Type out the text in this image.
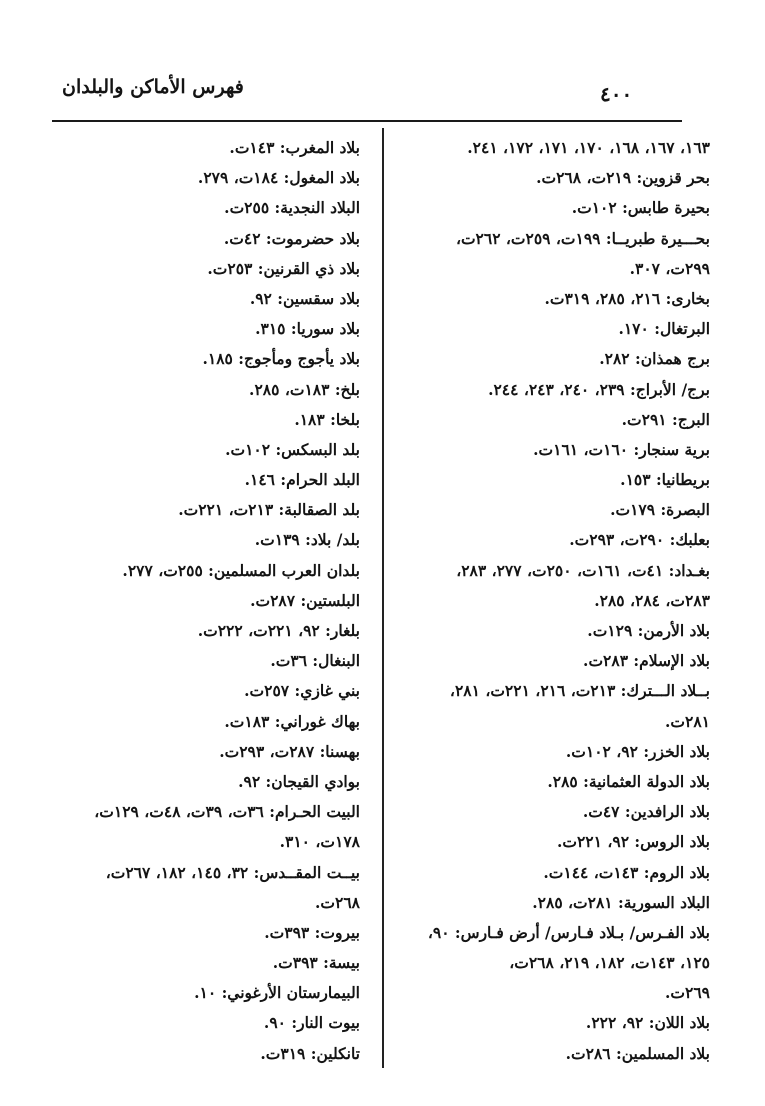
فهرس الأماكن والبلدان	٤٠٠
١٦٣، ١٦٧، ١٦٨، ١٧٠، ١٧١، ١٧٢، ٢٤١.
بحر قزوين: ٢١٩ت، ٢٦٨ت.
بحيرة طابس: ١٠٢ت.
بحـــيرة طبريــا: ١٩٩ت، ٢٥٩ت، ٢٦٢ت،
٢٩٩ت، ٣٠٧.
بخارى: ٢١٦، ٢٨٥، ٣١٩ت.
البرتغال: ١٧٠.
برج همذان: ٢٨٢.
برج/ الأبراج: ٢٣٩، ٢٤٠، ٢٤٣، ٢٤٤.
البرج: ٢٩١ت.
برية سنجار: ١٦٠ت، ١٦١ت.
بريطانيا: ١٥٣.
البصرة: ١٧٩ت.
بعلبك: ٢٩٠ت، ٢٩٣ت.
بغـداد: ٤١ت، ١٦١ت، ٢٥٠ت، ٢٧٧، ٢٨٣،
٢٨٣ت، ٢٨٤، ٢٨٥.
بلاد الأرمن: ١٢٩ت.
بلاد الإسلام: ٢٨٣ت.
بــلاد الـــترك: ٢١٣ت، ٢١٦، ٢٢١ت، ٢٨١،
٢٨١ت.
بلاد الخزر: ٩٢، ١٠٢ت.
بلاد الدولة العثمانية: ٢٨٥.
بلاد الرافدين: ٤٧ت.
بلاد الروس: ٩٢، ٢٢١ت.
بلاد الروم: ١٤٣ت، ١٤٤ت.
البلاد السورية: ٢٨١ت، ٢٨٥.
بلاد الفـرس/ بـلاد فـارس/ أرض فـارس: ٩٠،
١٢٥، ١٤٣ت، ١٨٢، ٢١٩، ٢٦٨ت،
٢٦٩ت.
بلاد اللان: ٩٢، ٢٢٢.
بلاد المسلمين: ٢٨٦ت.
بلاد المغرب: ١٤٣ت.
بلاد المغول: ١٨٤ت، ٢٧٩.
البلاد النجدية: ٢٥٥ت.
بلاد حضرموت: ٤٢ت.
بلاد ذي القرنين: ٢٥٣ت.
بلاد سقسين: ٩٢.
بلاد سوريا: ٣١٥.
بلاد يأجوج ومأجوج: ١٨٥.
بلخ: ١٨٣ت، ٢٨٥.
بلخا: ١٨٣.
بلد البسكس: ١٠٢ت.
البلد الحرام: ١٤٦.
بلد الصقالبة: ٢١٣ت، ٢٢١ت.
بلد/ بلاد: ١٣٩ت.
بلدان العرب المسلمين: ٢٥٥ت، ٢٧٧.
البلستين: ٢٨٧ت.
بلغار: ٩٢، ٢٢١ت، ٢٢٢ت.
البنغال: ٣٦ت.
بني غازي: ٢٥٧ت.
بهاك غوراني: ١٨٣ت.
بهسنا: ٢٨٧ت، ٢٩٣ت.
بوادي القيجان: ٩٢.
البيت الحـرام: ٣٦ت، ٣٩ت، ٤٨ت، ١٢٩ت،
١٧٨ت، ٣١٠.
بيــت المقــدس: ٣٢، ١٤٥، ١٨٢، ٢٦٧ت،
٢٦٨ت.
بيروت: ٣٩٣ت.
بيسة: ٣٩٣ت.
البيمارستان الأرغوني: ١٠.
بيوت النار: ٩٠.
تانكلين: ٣١٩ت.
